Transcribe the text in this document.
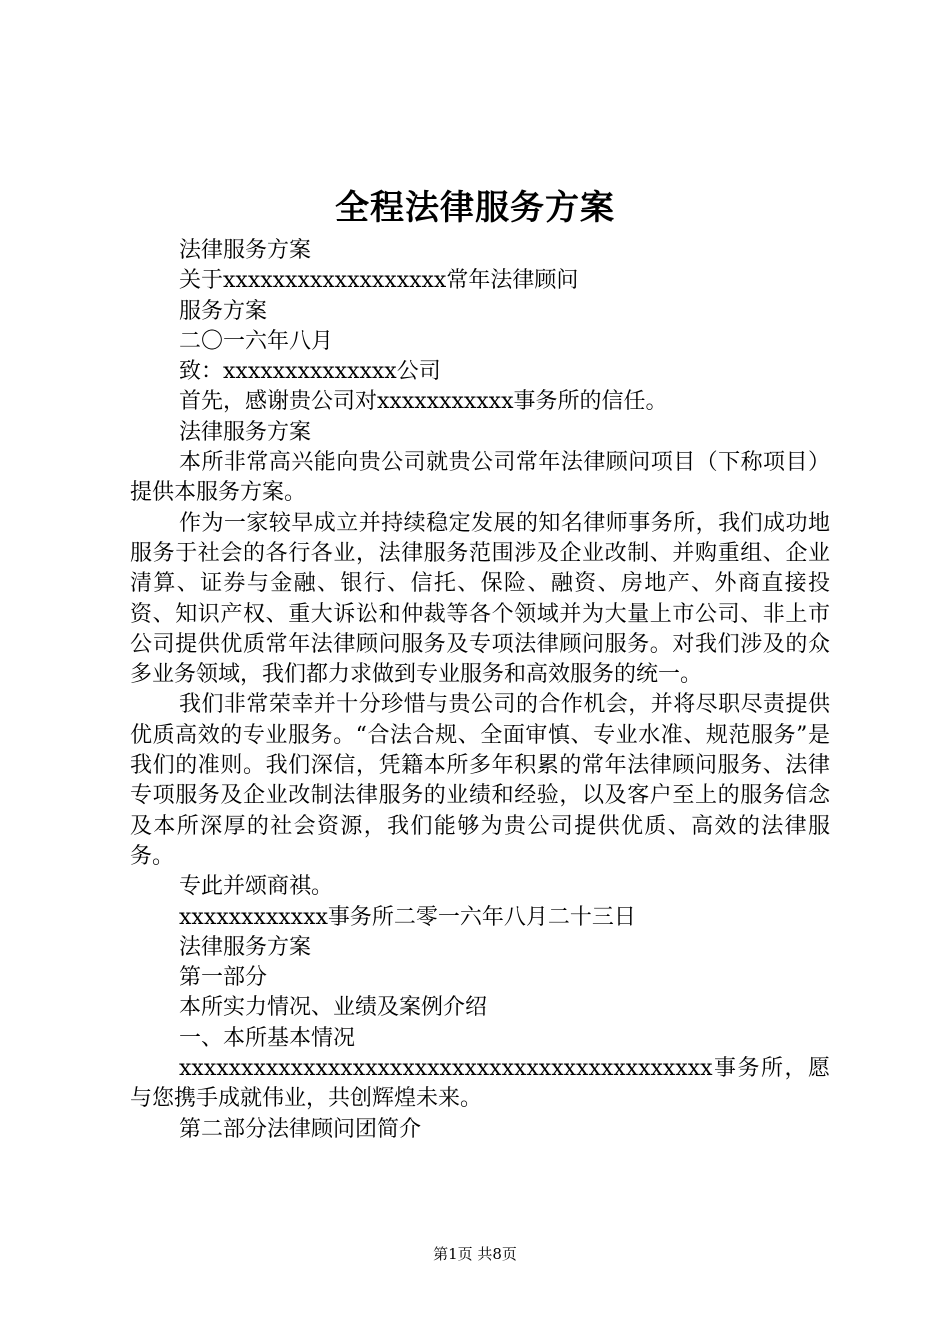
全程法律服务方案

法律服务方案

关于xxxxxxxxxxxxxxxxxx常年法律顾问

服务方案

二〇一六年八月

致：xxxxxxxxxxxxxx公司

首先，感谢贵公司对xxxxxxxxxxx事务所的信任。

法律服务方案

本所非常高兴能向贵公司就贵公司常年法律顾问项目（下称项目）提供本服务方案。

作为一家较早成立并持续稳定发展的知名律师事务所，我们成功地服务于社会的各行各业，法律服务范围涉及企业改制、并购重组、企业清算、证券与金融、银行、信托、保险、融资、房地产、外商直接投资、知识产权、重大诉讼和仲裁等各个领域并为大量上市公司、非上市公司提供优质常年法律顾问服务及专项法律顾问服务。对我们涉及的众多业务领域，我们都力求做到专业服务和高效服务的统一。

我们非常荣幸并十分珍惜与贵公司的合作机会，并将尽职尽责提供优质高效的专业服务。“合法合规、全面审慎、专业水准、规范服务”是我们的准则。我们深信，凭籍本所多年积累的常年法律顾问服务、法律专项服务及企业改制法律服务的业绩和经验，以及客户至上的服务信念及本所深厚的社会资源，我们能够为贵公司提供优质、高效的法律服务。

专此并颂商祺。

xxxxxxxxxxxx事务所二零一六年八月二十三日

法律服务方案

第一部分

本所实力情况、业绩及案例介绍

一、本所基本情况

xxxxxxxxxxxxxxxxxxxxxxxxxxxxxxxxxxxxxxxxxxx事务所，愿与您携手成就伟业，共创辉煌未来。

第二部分法律顾问团简介

第1页 共8页
